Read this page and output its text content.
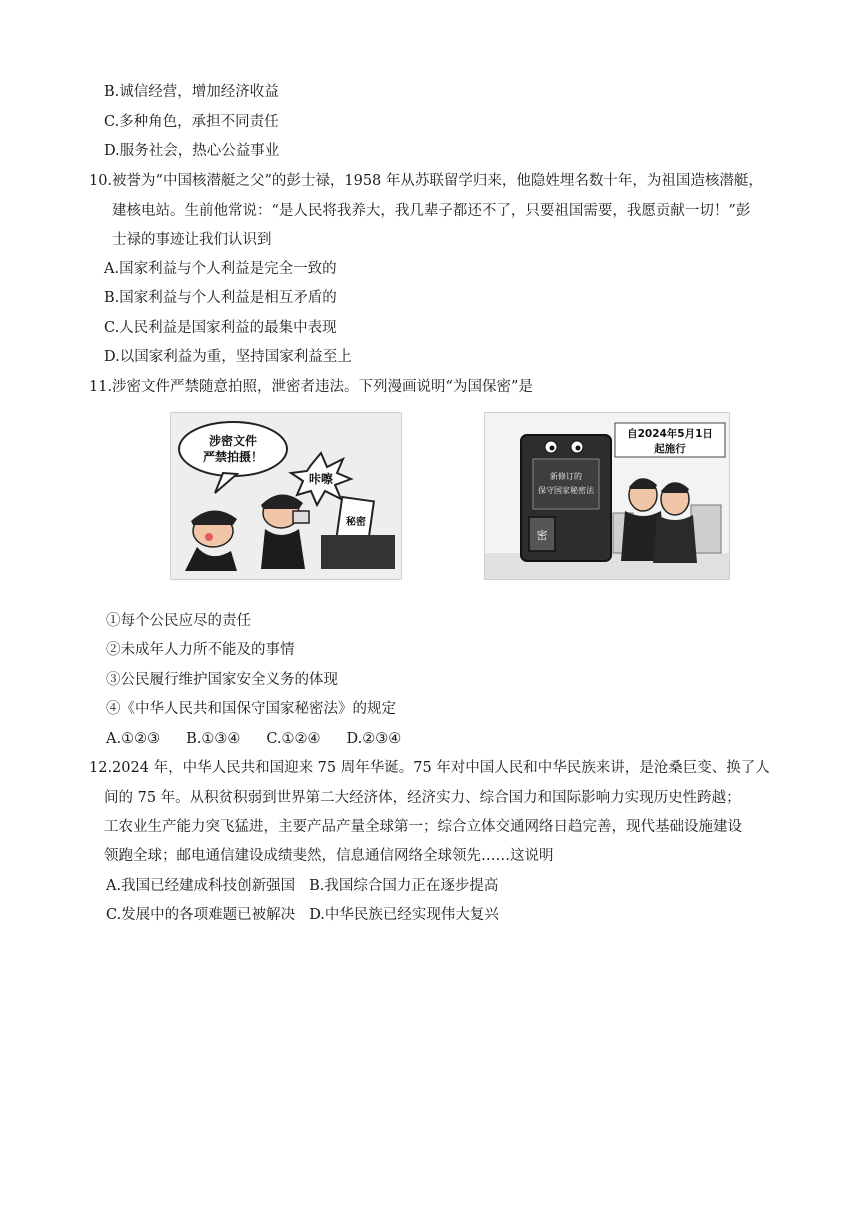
B.诚信经营，增加经济收益
C.多种角色，承担不同责任
D.服务社会，热心公益事业
10.被誉为“中国核潜艇之父”的彭士禄，1958 年从苏联留学归来，他隐姓埋名数十年，为祖国造核潜艇，
建核电站。生前他常说：“是人民将我养大，我几辈子都还不了，只要祖国需要，我愿贡献一切！”彭
士禄的事迹让我们认识到
A.国家利益与个人利益是完全一致的
B.国家利益与个人利益是相互矛盾的
C.人民利益是国家利益的最集中表现
D.以国家利益为重，坚持国家利益至上
11.涉密文件严禁随意拍照，泄密者违法。下列漫画说明“为国保密”是
涉密文件
严禁拍摄！
咔嚓
秘密
自2024年5月1日
起施行
新修订的
保守国家秘密法
密
①每个公民应尽的责任
②未成年人力所不能及的事情
③公民履行维护国家安全义务的体现
④《中华人民共和国保守国家秘密法》的规定
A.①②③ B.①③④ C.①②④ D.②③④
12.2024 年，中华人民共和国迎来 75 周年华诞。75 年对中国人民和中华民族来讲，是沧桑巨变、换了人
间的 75 年。从积贫积弱到世界第二大经济体，经济实力、综合国力和国际影响力实现历史性跨越；
工农业生产能力突飞猛进，主要产品产量全球第一；综合立体交通网络日趋完善，现代基础设施建设
领跑全球；邮电通信建设成绩斐然，信息通信网络全球领先……这说明
A.我国已经建成科技创新强国 B.我国综合国力正在逐步提高
C.发展中的各项难题已被解决 D.中华民族已经实现伟大复兴
